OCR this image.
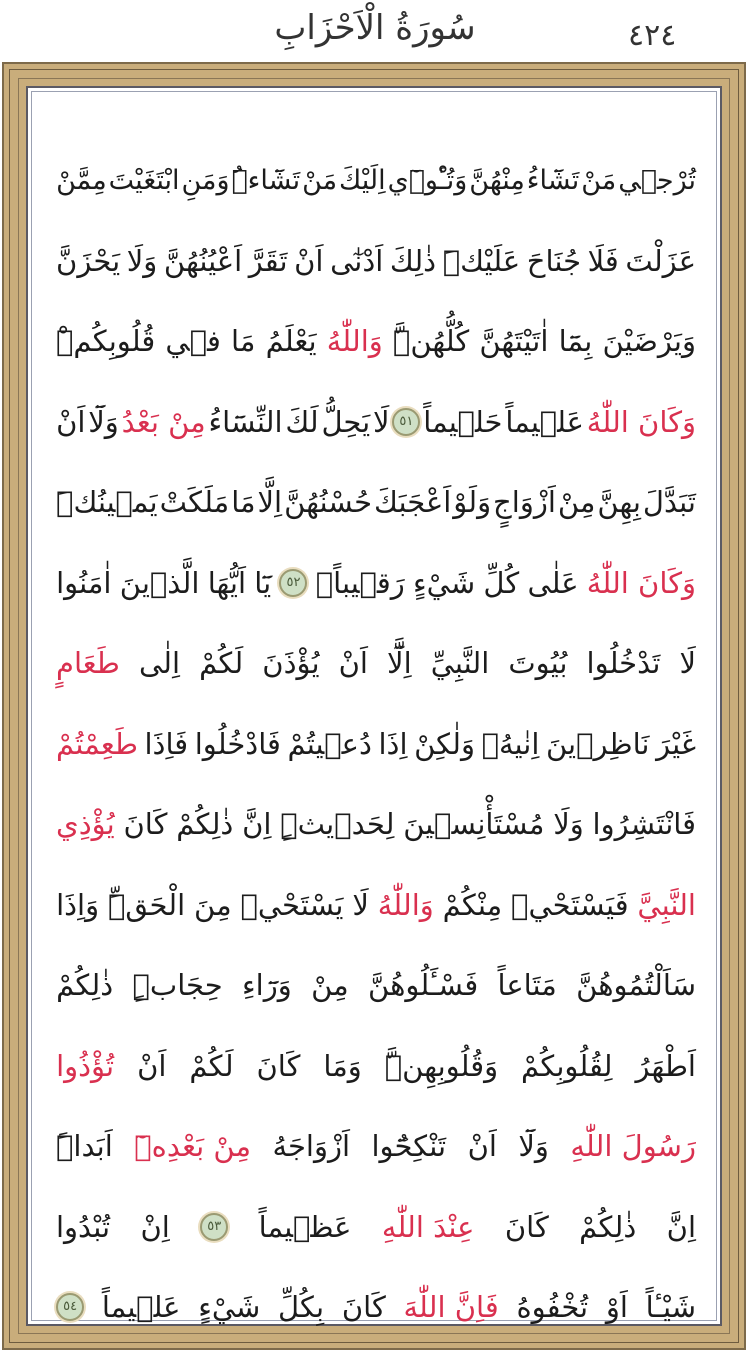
سُورَةُ الْاَحْزَابِ	٤٢٤
تُرْج۪ي
مَنْ
تَشَٓاءُ
مِنْهُنَّ
وَتُـْٔو۪ٓي
اِلَيْكَ
مَنْ
تَشَٓاءُۜ
وَمَنِ
ابْتَغَيْتَ
مِمَّنْ
عَزَلْتَ
فَلَا
جُنَاحَ
عَلَيْكَۜ
ذٰلِكَ
اَدْنٰٓى
اَنْ
تَقَرَّ
اَعْيُنُهُنَّ
وَلَا
يَحْزَنَّ
وَيَرْضَيْنَ
بِمَٓا
اٰتَيْتَهُنَّ
كُلُّهُنَّۜ
وَاللّٰهُ
يَعْلَمُ
مَا
ف۪ي
قُلُوبِكُمْۜ
وَكَانَ اللّٰهُ
عَل۪يماً
حَل۪يماً
٥١
لَا
يَحِلُّ
لَكَ
النِّسَٓاءُ
مِنْ بَعْدُ
وَلَٓا
اَنْ
تَبَدَّلَ
بِهِنَّ
مِنْ
اَزْوَاجٍ
وَلَوْ
اَعْجَبَكَ
حُسْنُهُنَّ
اِلَّا
مَا
مَلَكَتْ
يَم۪ينُكَۜ
وَكَانَ اللّٰهُ
عَلٰى
كُلِّ
شَيْءٍ
رَق۪يباً۟
٥٢
يَٓا
اَيُّهَا
الَّذ۪ينَ
اٰمَنُوا
لَا
تَدْخُلُوا
بُيُوتَ
النَّبِيِّ
اِلَّٓا
اَنْ
يُؤْذَنَ
لَكُمْ
اِلٰى
طَعَامٍ
غَيْرَ
نَاظِر۪ينَ
اِنٰيهُۙ
وَلٰكِنْ
اِذَا
دُع۪يتُمْ
فَادْخُلُوا
فَاِذَا
طَعِمْتُمْ
فَانْتَشِرُوا
وَلَا
مُسْتَأْنِس۪ينَ
لِحَد۪يثٍۜ
اِنَّ
ذٰلِكُمْ
كَانَ
يُؤْذِي
النَّبِيَّ
فَيَسْتَحْي۪
مِنْكُمْ
وَاللّٰهُ
لَا
يَسْتَحْي۪
مِنَ
الْحَقِّۜ
وَاِذَا
سَاَلْتُمُوهُنَّ
مَتَاعاً
فَسْـَٔلُوهُنَّ
مِنْ
وَرَٓاءِ
حِجَابٍۜ
ذٰلِكُمْ
اَطْهَرُ
لِقُلُوبِكُمْ
وَقُلُوبِهِنَّۜ
وَمَا
كَانَ
لَكُمْ
اَنْ
تُؤْذُوا
رَسُولَ اللّٰهِ
وَلَٓا
اَنْ
تَنْكِحُٓوا
اَزْوَاجَهُ
مِنْ بَعْدِه۪ٓ
اَبَداًۜ
اِنَّ
ذٰلِكُمْ
كَانَ
عِنْدَ اللّٰهِ
عَظ۪يماً
٥٣
اِنْ
تُبْدُوا
شَيْـٔاً
اَوْ
تُخْفُوهُ
فَاِنَّ اللّٰهَ
كَانَ
بِكُلِّ
شَيْءٍ
عَل۪يماً
٥٤
